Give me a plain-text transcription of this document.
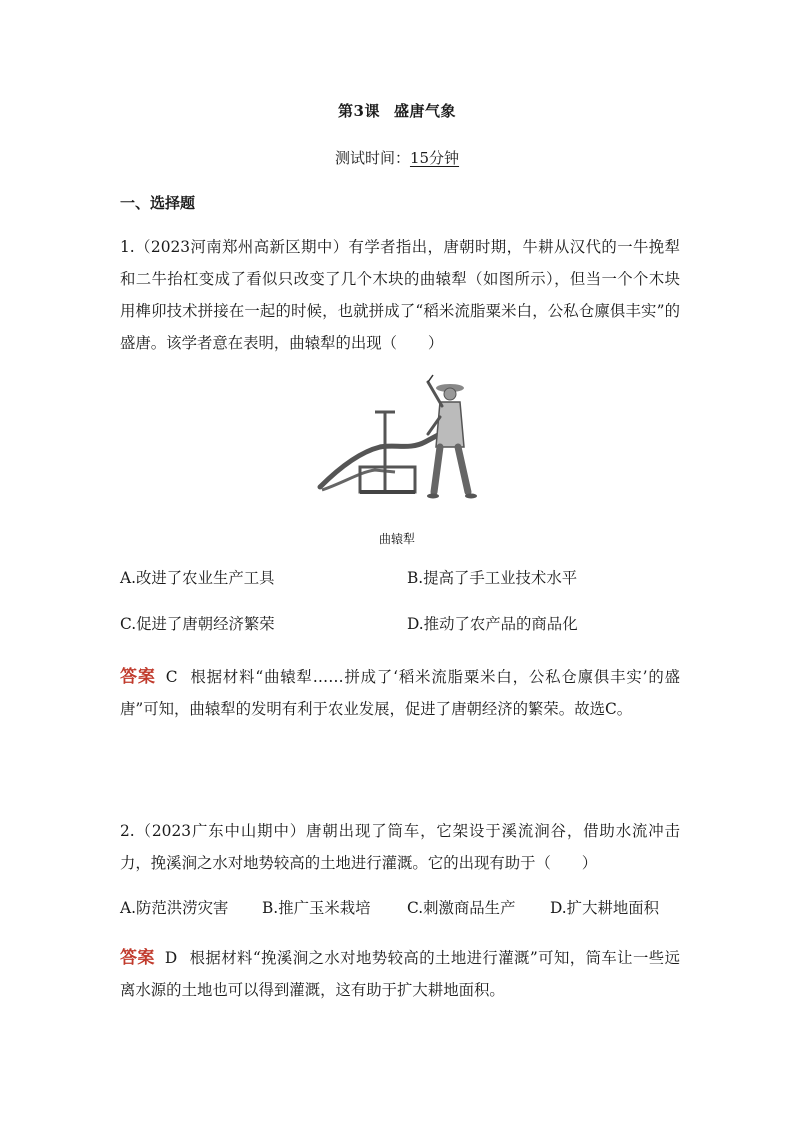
第3课 盛唐气象
测试时间：15分钟
一、选择题
1.（2023河南郑州高新区期中）有学者指出，唐朝时期，牛耕从汉代的一牛挽犁和二牛抬杠变成了看似只改变了几个木块的曲辕犁（如图所示），但当一个个木块用榫卯技术拼接在一起的时候，也就拼成了“稻米流脂粟米白，公私仓廪俱丰实”的盛唐。该学者意在表明，曲辕犁的出现（　　）
曲辕犁
A.改进了农业生产工具	B.提高了手工业技术水平
C.促进了唐朝经济繁荣	D.推动了农产品的商品化
答案 C 根据材料“曲辕犁……拼成了‘稻米流脂粟米白，公私仓廪俱丰实’的盛唐”可知，曲辕犁的发明有利于农业发展，促进了唐朝经济的繁荣。故选C。
2.（2023广东中山期中）唐朝出现了筒车，它架设于溪流涧谷，借助水流冲击力，挽溪涧之水对地势较高的土地进行灌溉。它的出现有助于（　　）
A.防范洪涝灾害 B.推广玉米栽培 C.刺激商品生产 D.扩大耕地面积
答案 D 根据材料“挽溪涧之水对地势较高的土地进行灌溉”可知，筒车让一些远离水源的土地也可以得到灌溉，这有助于扩大耕地面积。
